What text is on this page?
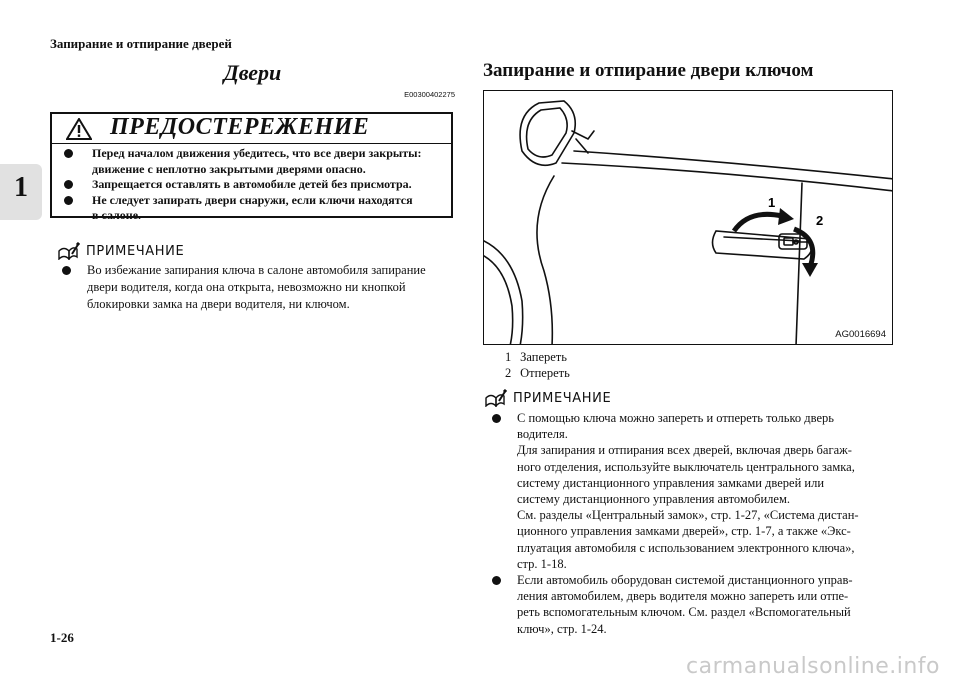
Запирание и отпирание дверей
1
Двери
E00300402275
ПРЕДОСТЕРЕЖЕНИЕ
Перед началом движения убедитесь, что все двери закрыты:
движение с неплотно закрытыми дверями опасно.
Запрещается оставлять в автомобиле детей без присмотра.
Не следует запирать двери снаружи, если ключи находятся
в салоне.
ПРИМЕЧАНИЕ
Во избежание запирания ключа в салоне автомобиля запирание
двери водителя, когда она открыта, невозможно ни кнопкой
блокировки замка на двери водителя, ни ключом.
Запирание и отпирание двери ключом
1
2
AG0016694
1
Запереть
2
Отпереть
ПРИМЕЧАНИЕ
С помощью ключа можно запереть и отпереть только дверь
водителя.
Для запирания и отпирания всех дверей, включая дверь багаж-
ного отделения, используйте выключатель центрального замка,
систему дистанционного управления замками дверей или
систему дистанционного управления автомобилем.
См. разделы «Центральный замок», стр. 1-27, «Система дистан-
ционного управления замками дверей», стр. 1-7, а также «Экс-
плуатация автомобиля с использованием электронного ключа»,
стр. 1-18.
Если автомобиль оборудован системой дистанционного управ-
ления автомобилем, дверь водителя можно запереть или отпе-
реть вспомогательным ключом. См. раздел «Вспомогательный
ключ», стр. 1-24.
1-26
carmanualsonline.info
